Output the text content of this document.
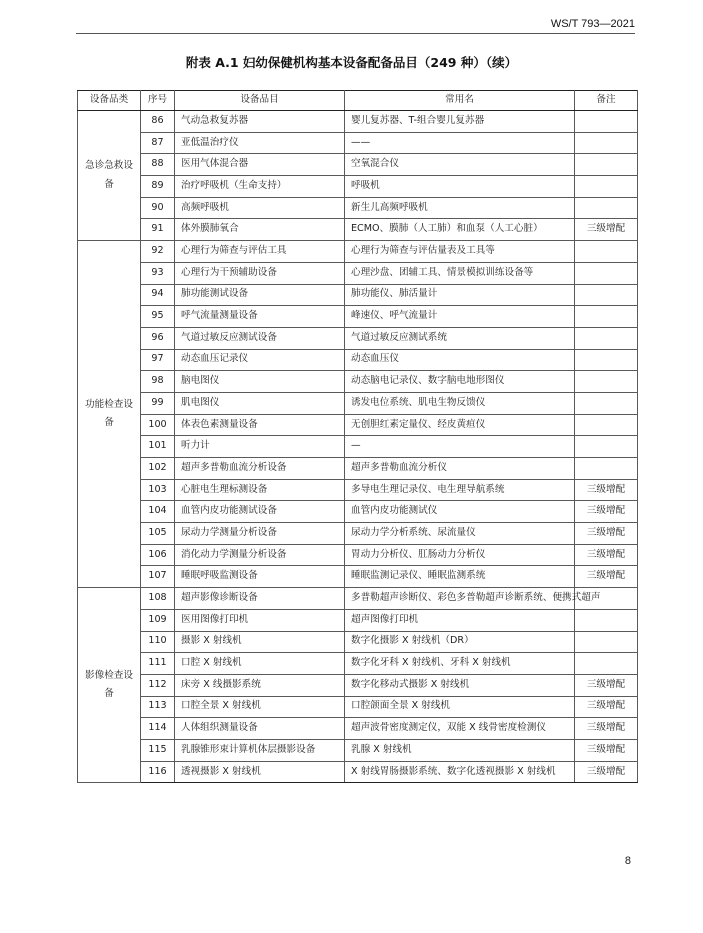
WS/T 793—2021
附表 A.1 妇幼保健机构基本设备配备品目（249 种）（续）
设备品类	序号	设备品目	常用名	备注
急诊急救设备	86	气动急救复苏器	婴儿复苏器、T-组合婴儿复苏器	
	87	亚低温治疗仪	——	
	88	医用气体混合器	空氧混合仪	
	89	治疗呼吸机（生命支持）	呼吸机	
	90	高频呼吸机	新生儿高频呼吸机	
	91	体外膜肺氧合	ECMO、膜肺（人工肺）和血泵（人工心脏）	三级增配
功能检查设备	92	心理行为筛查与评估工具	心理行为筛查与评估量表及工具等	
	93	心理行为干预辅助设备	心理沙盘、团辅工具、情景模拟训练设备等	
	94	肺功能测试设备	肺功能仪、肺活量计	
	95	呼气流量测量设备	峰速仪、呼气流量计	
	96	气道过敏反应测试设备	气道过敏反应测试系统	
	97	动态血压记录仪	动态血压仪	
	98	脑电图仪	动态脑电记录仪、数字脑电地形图仪	
	99	肌电图仪	诱发电位系统、肌电生物反馈仪	
	100	体表色素测量设备	无创胆红素定量仪、经皮黄疸仪	
	101	听力计	—	
	102	超声多普勒血流分析设备	超声多普勒血流分析仪	
	103	心脏电生理标测设备	多导电生理记录仪、电生理导航系统	三级增配
	104	血管内皮功能测试设备	血管内皮功能测试仪	三级增配
	105	尿动力学测量分析设备	尿动力学分析系统、尿流量仪	三级增配
	106	消化动力学测量分析设备	胃动力分析仪、肛肠动力分析仪	三级增配
	107	睡眠呼吸监测设备	睡眠监测记录仪、睡眠监测系统	三级增配
影像检查设备	108	超声影像诊断设备	多普勒超声诊断仪、彩色多普勒超声诊断系统、便携式超声	
	109	医用图像打印机	超声图像打印机	
	110	摄影 X 射线机	数字化摄影 X 射线机（DR）	
	111	口腔 X 射线机	数字化牙科 X 射线机、牙科 X 射线机	
	112	床旁 X 线摄影系统	数字化移动式摄影 X 射线机	三级增配
	113	口腔全景 X 射线机	口腔颌面全景 X 射线机	三级增配
	114	人体组织测量设备	超声波骨密度测定仪，双能 X 线骨密度检测仪	三级增配
	115	乳腺锥形束计算机体层摄影设备	乳腺 X 射线机	三级增配
	116	透视摄影 X 射线机	X 射线胃肠摄影系统、数字化透视摄影 X 射线机	三级增配
8
